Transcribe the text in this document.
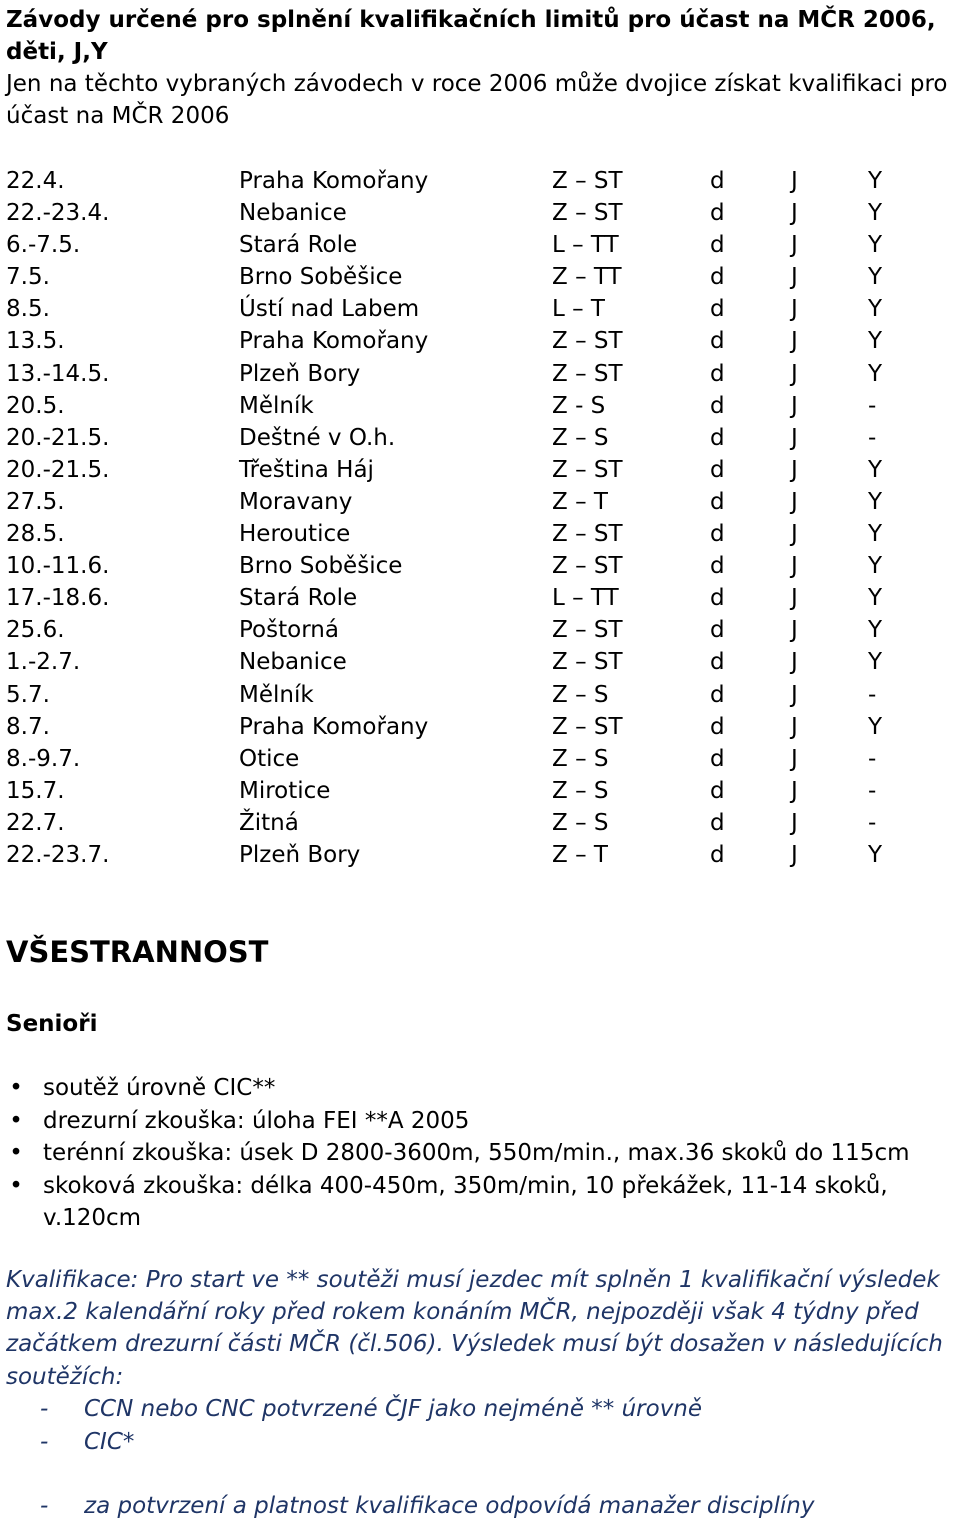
Závody určené pro splnění kvalifikačních limitů pro účast na MČR 2006,
děti, J,Y

Jen na těchto vybraných závodech v roce 2006 může dvojice získat kvalifikaci pro
účast na MČR 2006

22.4.	Praha Komořany	Z – ST	d	J	Y
22.-23.4.	Nebanice	Z – ST	d	J	Y
6.-7.5.	Stará Role	L – TT	d	J	Y
7.5.	Brno Soběšice	Z – TT	d	J	Y
8.5.	Ústí nad Labem	L – T	d	J	Y
13.5.	Praha Komořany	Z – ST	d	J	Y
13.-14.5.	Plzeň Bory	Z – ST	d	J	Y
20.5.	Mělník	Z - S	d	J	-
20.-21.5.	Deštné v O.h.	Z – S	d	J	-
20.-21.5.	Třeština Háj	Z – ST	d	J	Y
27.5.	Moravany	Z – T	d	J	Y
28.5.	Heroutice	Z – ST	d	J	Y
10.-11.6.	Brno Soběšice	Z – ST	d	J	Y
17.-18.6.	Stará Role	L – TT	d	J	Y
25.6.	Poštorná	Z – ST	d	J	Y
1.-2.7.	Nebanice	Z – ST	d	J	Y
5.7.	Mělník	Z – S	d	J	-
8.7.	Praha Komořany	Z – ST	d	J	Y
8.-9.7.	Otice	Z – S	d	J	-
15.7.	Mirotice	Z – S	d	J	-
22.7.	Žitná	Z – S	d	J	-
22.-23.7.	Plzeň Bory	Z – T	d	J	Y
VŠESTRANNOST
Senioři
• soutěž úrovně CIC**
• drezurní zkouška: úloha FEI **A 2005
• terénní zkouška: úsek D 2800-3600m, 550m/min., max.36 skoků do 115cm
• skoková zkouška: délka 400-450m, 350m/min, 10 překážek, 11-14 skoků, v.120cm

Kvalifikace: Pro start ve ** soutěži musí jezdec mít splněn 1 kvalifikační výsledek max.2 kalendářní roky před rokem konáním MČR, nejpozději však 4 týdny před začátkem drezurní části MČR (čl.506). Výsledek musí být dosažen v následujících soutěžích:

- CCN nebo CNC potvrzené ČJF jako nejméně ** úrovně
- CIC*
- za potvrzení a platnost kvalifikace odpovídá manažer disciplíny
